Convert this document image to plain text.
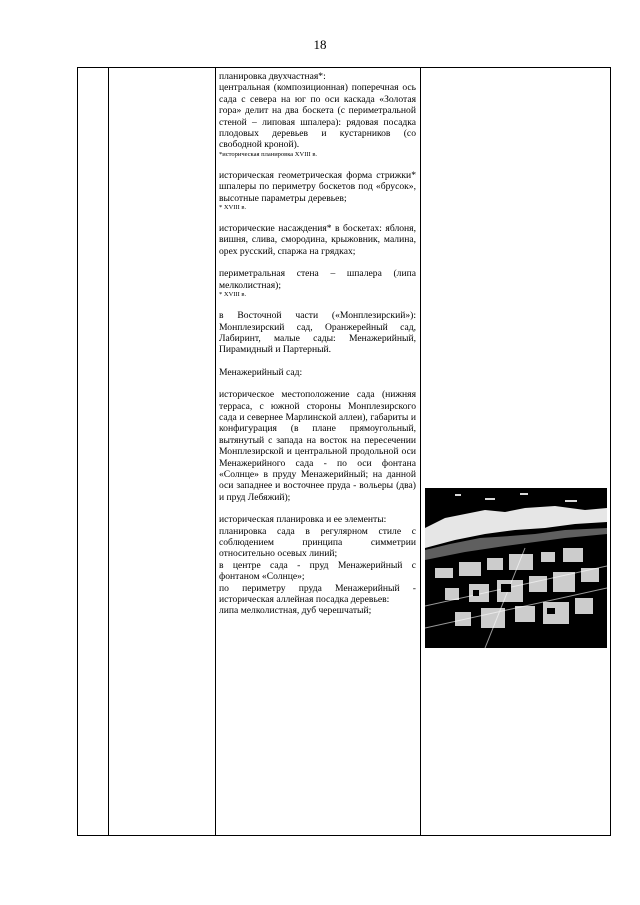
18

планировка двухчастная*:

центральная (композиционная) поперечная ось сада с севера на юг по оси каскада «Золотая гора» делит на два боскета (с периметральной стеной – липовая шпалера): рядовая посадка плодовых деревьев и кустарников (со свободной кроной).

*историческая планировка XVIII в.

историческая геометрическая форма стрижки* шпалеры по периметру боскетов под «брусок», высотные параметры деревьев;

* XVIII в.

исторические насаждения* в боскетах: яблоня, вишня, слива, смородина, крыжовник, малина, орех русский, спаржа на грядках;

периметральная стена – шпалера (липа мелколистная);

* XVIII в.

в Восточной части («Монплезирский»): Монплезирский сад, Оранжерейный сад, Лабиринт, малые сады: Менажерийный, Пирамидный и Партерный.

Менажерийный сад:

историческое местоположение сада (нижняя терраса, с южной стороны Монплезирского сада и севернее Марлинской аллеи), габариты и конфигурация (в плане прямоугольный, вытянутый с запада на восток на пересечении Монплезирской и центральной продольной оси Менажерийного сада - по оси фонтана «Солнце» в пруду Менажерийный; на данной оси западнее и восточнее пруда - вольеры (два) и пруд Лебяжий);

историческая планировка и ее элементы:

планировка сада в регулярном стиле с соблюдением принципа симметрии относительно осевых линий;

в центре сада - пруд Менажерийный с фонтаном «Солнце»;

по периметру пруда Менажерийный - историческая аллейная посадка деревьев:

липа мелколистная, дуб черешчатый;
